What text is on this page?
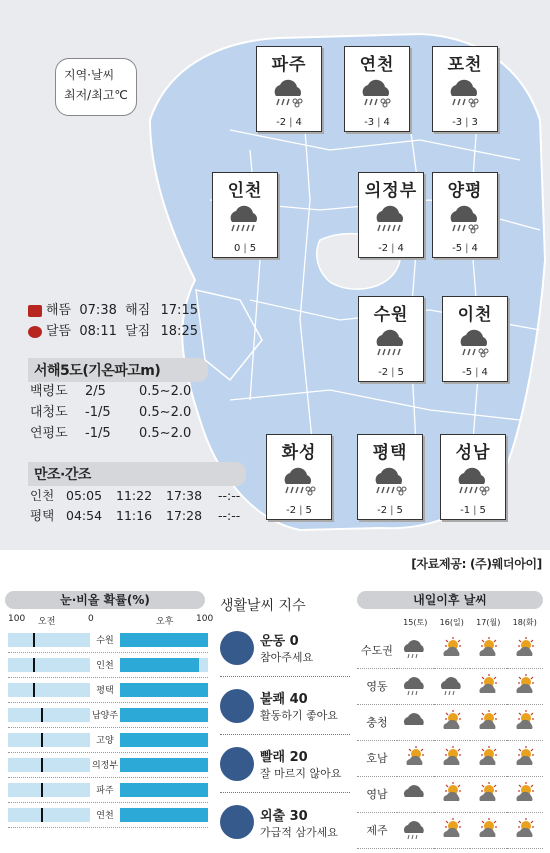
지역·날씨
최저/최고℃
파주
-2 | 4
연천
-3 | 4
포천
-3 | 3
인천
0 | 5
의정부
-2 | 4
양평
-5 | 4
수원
-2 | 5
이천
-5 | 4
화성
-2 | 5
평택
-2 | 5
성남
-1 | 5
해뜸 07:38 해짐 17:15
달뜸 08:11 달짐 18:25
서해5도(기온파고m)
백령도	2/5	0.5∼2.0
대청도	-1/5	0.5∼2.0
연평도	-1/5	0.5∼2.0
만조·간조
인천 05:05	11:22	17:38	--:--
평택 04:54	11:16	17:28	--:--
[자료제공: (주)웨더아이]
눈·비올 확률(%)
100 오전	0	오후	100
수원
인천
평택
남양주
고양
의정부
파주
연천
생활날씨 지수
운동 0
참아주세요
불쾌 40
활동하기 좋아요
빨래 20
잘 마르지 않아요
외출 30
가급적 삼가세요
내일이후 날씨
	15(토)	16(일)	17(월)	18(화)
수도권				
영동				
충청				
호남				
영남				
제주				
